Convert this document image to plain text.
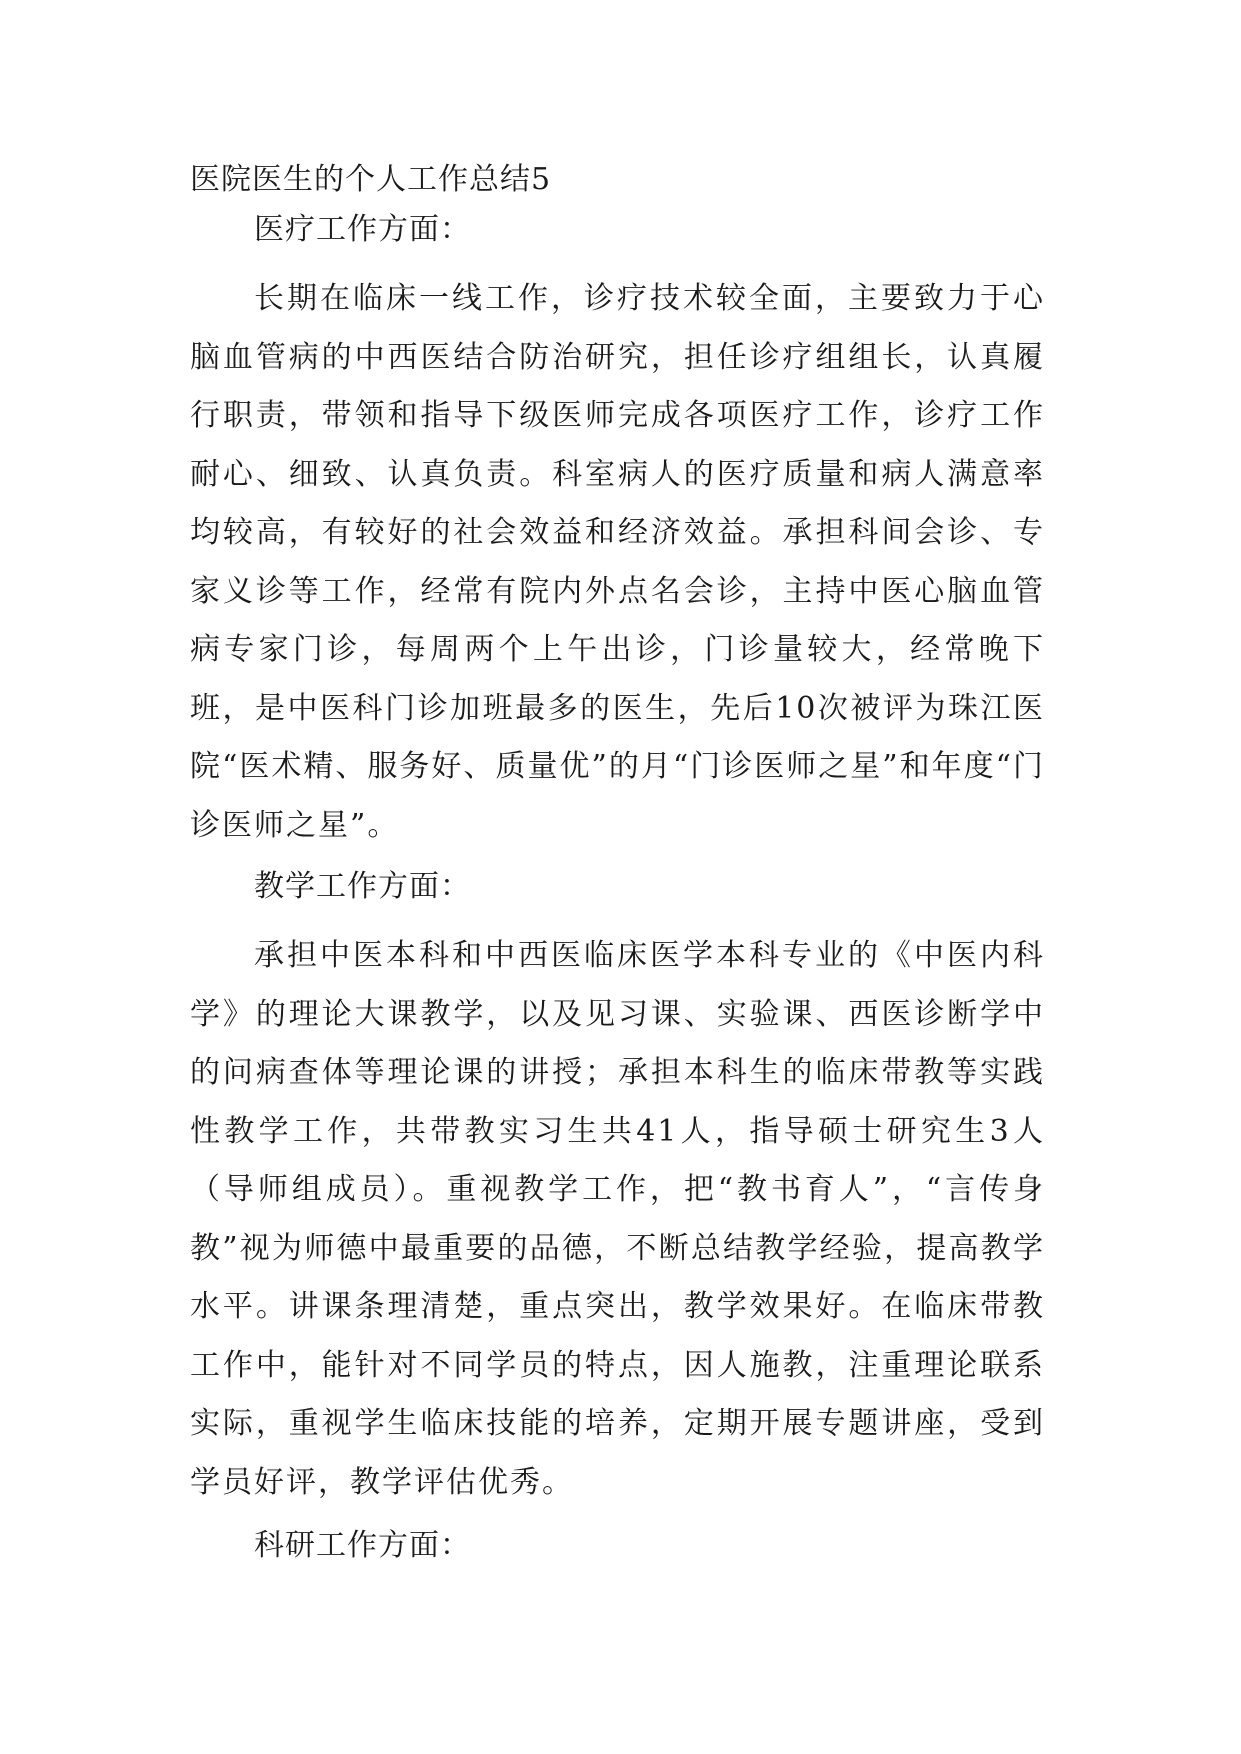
医院医生的个人工作总结5

医疗工作方面：

长期在临床一线工作，诊疗技术较全面，主要致力于心脑血管病的中西医结合防治研究，担任诊疗组组长，认真履行职责，带领和指导下级医师完成各项医疗工作，诊疗工作耐心、细致、认真负责。科室病人的医疗质量和病人满意率均较高，有较好的社会效益和经济效益。承担科间会诊、专家义诊等工作，经常有院内外点名会诊，主持中医心脑血管病专家门诊，每周两个上午出诊，门诊量较大，经常晚下班，是中医科门诊加班最多的医生，先后10次被评为珠江医院“医术精、服务好、质量优”的月“门诊医师之星”和年度“门诊医师之星”。

教学工作方面：

承担中医本科和中西医临床医学本科专业的《中医内科学》的理论大课教学，以及见习课、实验课、西医诊断学中的问病查体等理论课的讲授；承担本科生的临床带教等实践性教学工作，共带教实习生共41人，指导硕士研究生3人（导师组成员）。重视教学工作，把“教书育人”，“言传身教”视为师德中最重要的品德，不断总结教学经验，提高教学水平。讲课条理清楚，重点突出，教学效果好。在临床带教工作中，能针对不同学员的特点，因人施教，注重理论联系实际，重视学生临床技能的培养，定期开展专题讲座，受到学员好评，教学评估优秀。

科研工作方面：
